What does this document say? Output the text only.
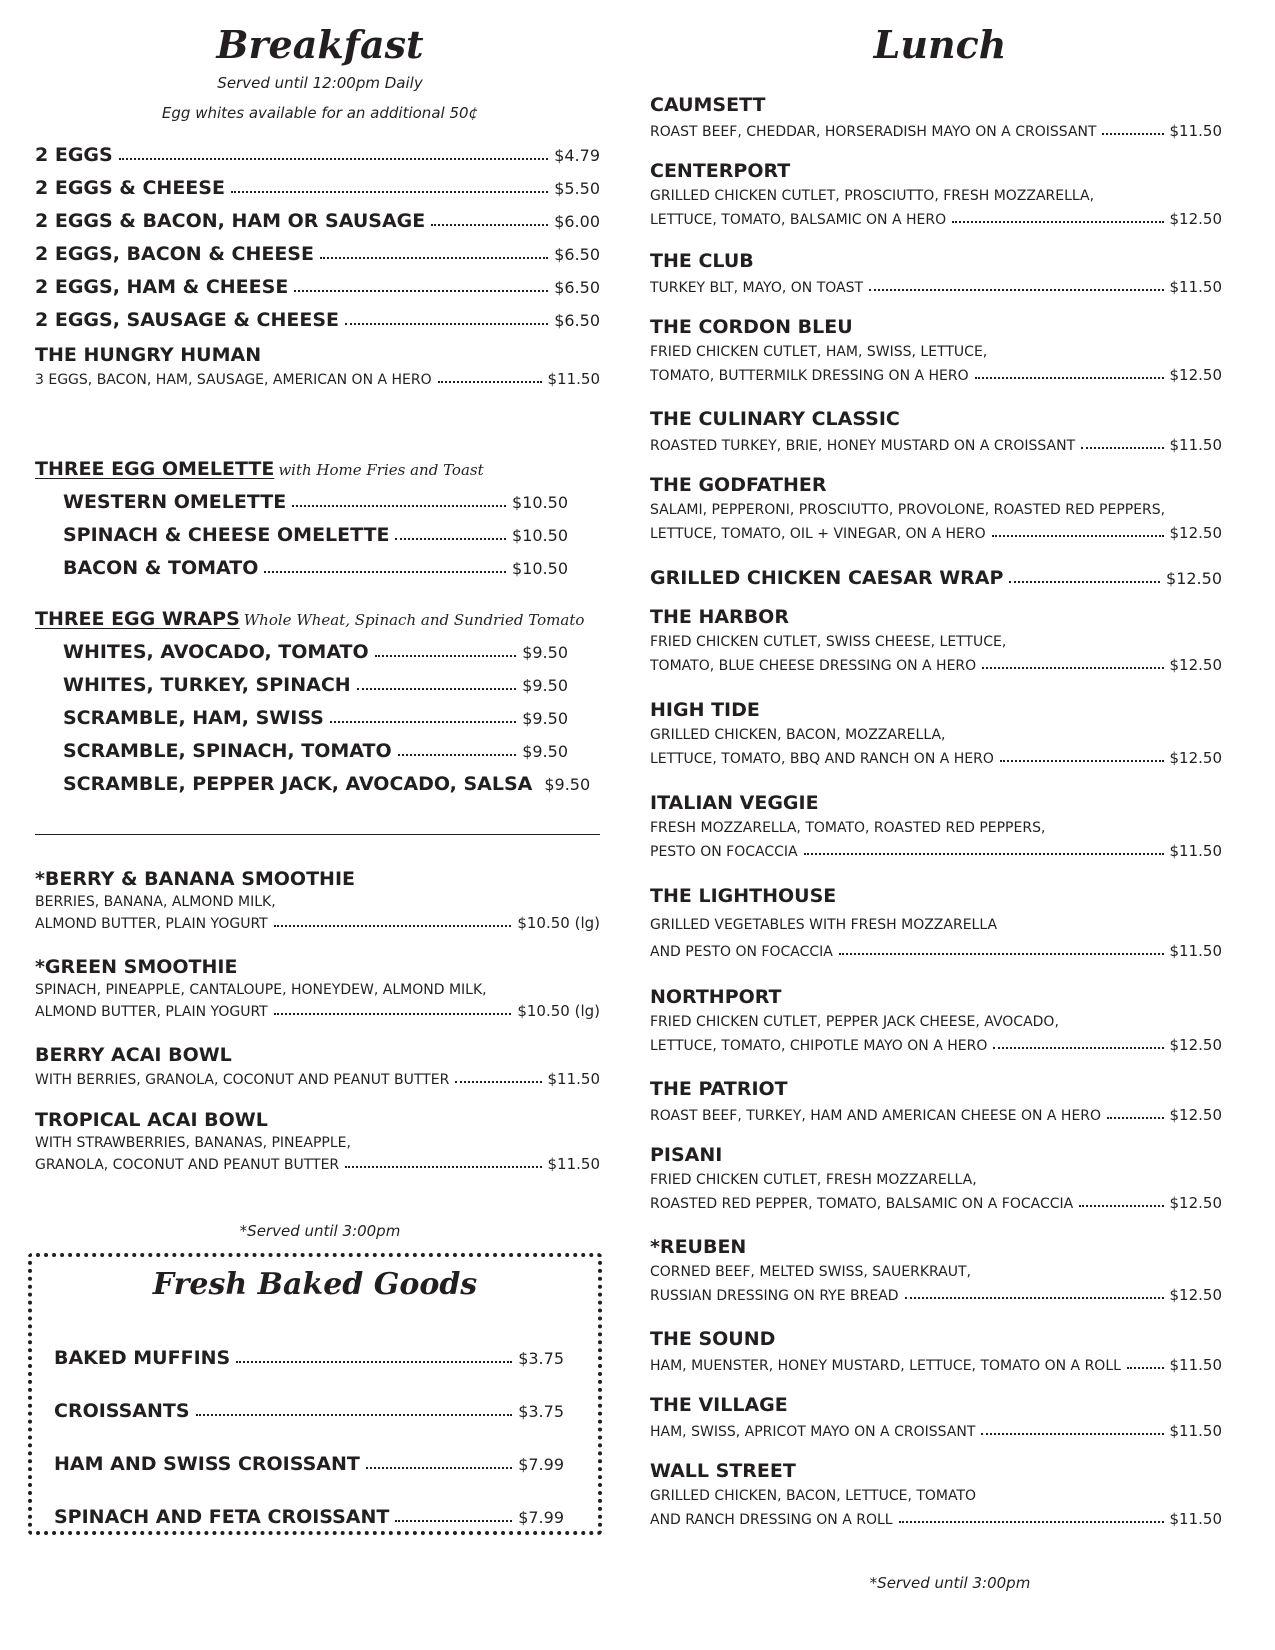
Breakfast
Served until 12:00pm Daily
Egg whites available for an additional 50¢
2 EGGS	$4.79
2 EGGS & CHEESE	$5.50
2 EGGS & BACON, HAM OR SAUSAGE	$6.00
2 EGGS, BACON & CHEESE	$6.50
2 EGGS, HAM & CHEESE	$6.50
2 EGGS, SAUSAGE & CHEESE	$6.50
THE HUNGRY HUMAN
3 EGGS, BACON, HAM, SAUSAGE, AMERICAN ON A HERO	$11.50
THREE EGG OMELETTE with Home Fries and Toast
WESTERN OMELETTE	$10.50
SPINACH & CHEESE OMELETTE	$10.50
BACON & TOMATO	$10.50
THREE EGG WRAPS Whole Wheat, Spinach and Sundried Tomato
WHITES, AVOCADO, TOMATO	$9.50
WHITES, TURKEY, SPINACH	$9.50
SCRAMBLE, HAM, SWISS	$9.50
SCRAMBLE, SPINACH, TOMATO	$9.50
SCRAMBLE, PEPPER JACK, AVOCADO, SALSA $9.50
*BERRY & BANANA SMOOTHIE
BERRIES, BANANA, ALMOND MILK,
ALMOND BUTTER, PLAIN YOGURT	$10.50 (lg)
*GREEN SMOOTHIE
SPINACH, PINEAPPLE, CANTALOUPE, HONEYDEW, ALMOND MILK,
ALMOND BUTTER, PLAIN YOGURT	$10.50 (lg)
BERRY ACAI BOWL
WITH BERRIES, GRANOLA, COCONUT AND PEANUT BUTTER	$11.50
TROPICAL ACAI BOWL
WITH STRAWBERRIES, BANANAS, PINEAPPLE,
GRANOLA, COCONUT AND PEANUT BUTTER	$11.50
*Served until 3:00pm
Fresh Baked Goods
BAKED MUFFINS	$3.75
CROISSANTS	$3.75
HAM AND SWISS CROISSANT	$7.99
SPINACH AND FETA CROISSANT	$7.99
Lunch
CAUMSETT
ROAST BEEF, CHEDDAR, HORSERADISH MAYO ON A CROISSANT	$11.50
CENTERPORT
GRILLED CHICKEN CUTLET, PROSCIUTTO, FRESH MOZZARELLA,
LETTUCE, TOMATO, BALSAMIC ON A HERO	$12.50
THE CLUB
TURKEY BLT, MAYO, ON TOAST	$11.50
THE CORDON BLEU
FRIED CHICKEN CUTLET, HAM, SWISS, LETTUCE,
TOMATO, BUTTERMILK DRESSING ON A HERO	$12.50
THE CULINARY CLASSIC
ROASTED TURKEY, BRIE, HONEY MUSTARD ON A CROISSANT	$11.50
THE GODFATHER
SALAMI, PEPPERONI, PROSCIUTTO, PROVOLONE, ROASTED RED PEPPERS,
LETTUCE, TOMATO, OIL + VINEGAR, ON A HERO	$12.50
GRILLED CHICKEN CAESAR WRAP	$12.50
THE HARBOR
FRIED CHICKEN CUTLET, SWISS CHEESE, LETTUCE,
TOMATO, BLUE CHEESE DRESSING ON A HERO	$12.50
HIGH TIDE
GRILLED CHICKEN, BACON, MOZZARELLA,
LETTUCE, TOMATO, BBQ AND RANCH ON A HERO	$12.50
ITALIAN VEGGIE
FRESH MOZZARELLA, TOMATO, ROASTED RED PEPPERS,
PESTO ON FOCACCIA	$11.50
THE LIGHTHOUSE
GRILLED VEGETABLES WITH FRESH MOZZARELLA
AND PESTO ON FOCACCIA	$11.50
NORTHPORT
FRIED CHICKEN CUTLET, PEPPER JACK CHEESE, AVOCADO,
LETTUCE, TOMATO, CHIPOTLE MAYO ON A HERO	$12.50
THE PATRIOT
ROAST BEEF, TURKEY, HAM AND AMERICAN CHEESE ON A HERO	$12.50
PISANI
FRIED CHICKEN CUTLET, FRESH MOZZARELLA,
ROASTED RED PEPPER, TOMATO, BALSAMIC ON A FOCACCIA	$12.50
*REUBEN
CORNED BEEF, MELTED SWISS, SAUERKRAUT,
RUSSIAN DRESSING ON RYE BREAD	$12.50
THE SOUND
HAM, MUENSTER, HONEY MUSTARD, LETTUCE, TOMATO ON A ROLL	$11.50
THE VILLAGE
HAM, SWISS, APRICOT MAYO ON A CROISSANT	$11.50
WALL STREET
GRILLED CHICKEN, BACON, LETTUCE, TOMATO
AND RANCH DRESSING ON A ROLL	$11.50
*Served until 3:00pm
